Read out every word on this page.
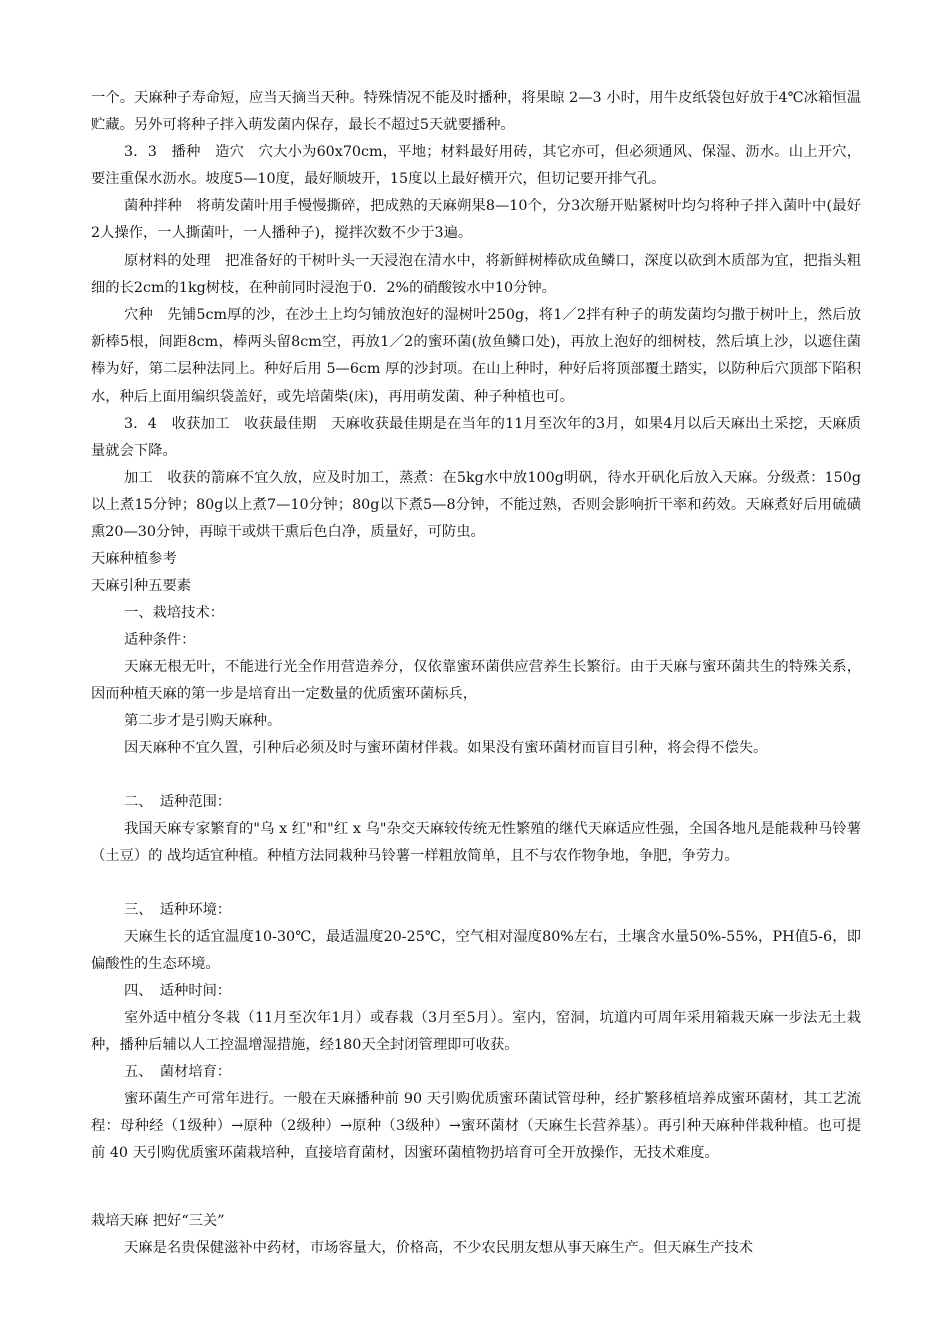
一个。天麻种子寿命短，应当天摘当天种。特殊情况不能及时播种，将果晾 2—3 小时，用牛皮纸袋包好放于4℃冰箱恒温贮藏。另外可将种子拌入萌发菌内保存，最长不超过5天就要播种。

3．3　播种　造穴　穴大小为60x70cm，平地；材料最好用砖，其它亦可，但必须通风、保湿、沥水。山上开穴，要注重保水沥水。坡度5—10度，最好顺坡开，15度以上最好横开穴，但切记要开排气孔。

菌种拌种　将萌发菌叶用手慢慢撕碎，把成熟的天麻朔果8—10个，分3次掰开贴紧树叶均匀将种子拌入菌叶中(最好2人操作，一人撕菌叶，一人播种子)，搅拌次数不少于3遍。

原材料的处理　把准备好的干树叶头一天浸泡在清水中，将新鲜树棒砍成鱼鳞口，深度以砍到木质部为宜，把指头粗细的长2cm的1kg树枝，在种前同时浸泡于0．2%的硝酸铵水中10分钟。

穴种　先铺5cm厚的沙，在沙土上均匀铺放泡好的湿树叶250g，将1／2拌有种子的萌发菌均匀撒于树叶上，然后放新棒5根，间距8cm，棒两头留8cm空，再放1／2的蜜环菌(放鱼鳞口处)，再放上泡好的细树枝，然后填上沙，以遮住菌棒为好，第二层种法同上。种好后用 5—6cm 厚的沙封项。在山上种时，种好后将顶部覆土踏实，以防种后穴顶部下陷积水，种后上面用编织袋盖好，或先培菌柴(床)，再用萌发菌、种子种植也可。

3．4　收获加工　收获最佳期　天麻收获最佳期是在当年的11月至次年的3月，如果4月以后天麻出土采挖，天麻质量就会下降。

加工　收获的箭麻不宜久放，应及时加工，蒸煮：在5kg水中放100g明矾，待水开矾化后放入天麻。分级煮：150g以上煮15分钟；80g以上煮7—10分钟；80g以下煮5—8分钟，不能过熟，否则会影响折干率和药效。天麻煮好后用硫磺熏20—30分钟，再晾干或烘干熏后色白净，质量好，可防虫。

天麻种植参考

天麻引种五要素

一、栽培技术：

适种条件：

天麻无根无叶，不能进行光全作用营造养分，仅依靠蜜环菌供应营养生长繁衍。由于天麻与蜜环菌共生的特殊关系，因而种植天麻的第一步是培育出一定数量的优质蜜环菌标兵，

第二步才是引购天麻种。

因天麻种不宜久置，引种后必须及时与蜜环菌材伴栽。如果没有蜜环菌材而盲目引种，将会得不偿失。

二、　适种范围：

我国天麻专家繁育的"乌 x 红"和"红 x 乌"杂交天麻较传统无性繁殖的继代天麻适应性强，全国各地凡是能栽种马铃薯（土豆）的 战均适宜种植。种植方法同栽种马铃薯一样粗放简单，且不与农作物争地，争肥，争劳力。

三、　适种环境：

天麻生长的适宜温度10-30℃，最适温度20-25℃，空气相对湿度80%左右，土壤含水量50%-55%，PH值5-6，即偏酸性的生态环境。

四、　适种时间：

室外适中植分冬栽（11月至次年1月）或春栽（3月至5月）。室内，窑洞，坑道内可周年采用箱栽天麻一步法无土栽种，播种后辅以人工控温增湿措施，经180天全封闭管理即可收获。

五、　菌材培育：

蜜环菌生产可常年进行。一般在天麻播种前 90 天引购优质蜜环菌试管母种，经扩繁移植培养成蜜环菌材，其工艺流程：母种经（1级种）→原种（2级种）→原种（3级种）→蜜环菌材（天麻生长营养基）。再引种天麻种伴栽种植。也可提前 40 天引购优质蜜环菌栽培种，直接培育菌材，因蜜环菌植物扔培育可全开放操作，无技术难度。

栽培天麻 把好“三关”

天麻是名贵保健滋补中药材，市场容量大，价格高，不少农民朋友想从事天麻生产。但天麻生产技术
